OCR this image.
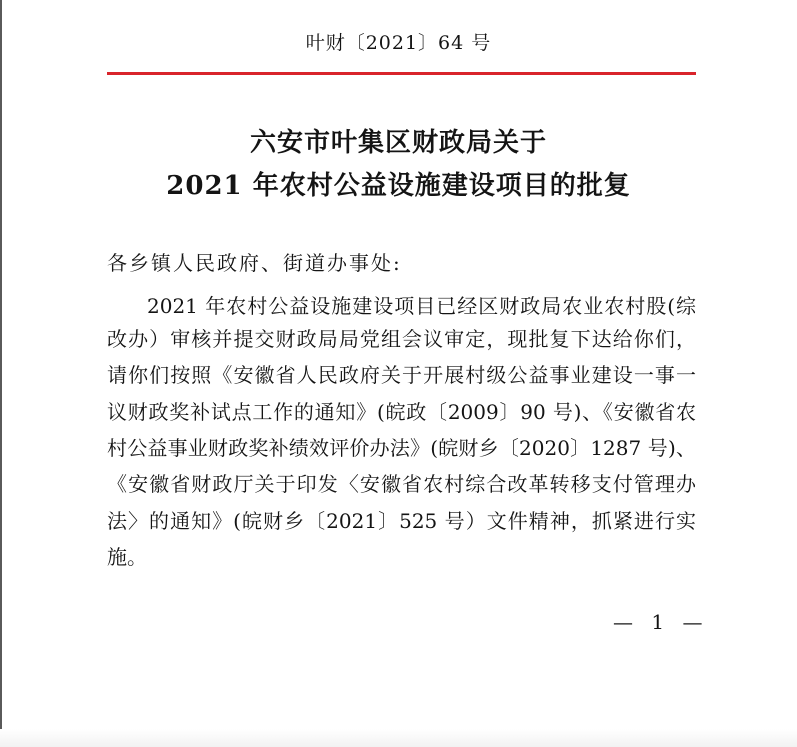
叶财〔2021〕64 号
六安市叶集区财政局关于
2021 年农村公益设施建设项目的批复
各乡镇人民政府、街道办事处:
2021 年农村公益设施建设项目已经区财政局农业农村股(综
改办）审核并提交财政局局党组会议审定，现批复下达给你们，
请你们按照《安徽省人民政府关于开展村级公益事业建设一事一
议财政奖补试点工作的通知》(皖政〔2009〕90 号)、《安徽省农
村公益事业财政奖补绩效评价办法》(皖财乡〔2020〕1287 号)、
《安徽省财政厅关于印发〈安徽省农村综合改革转移支付管理办
法〉的通知》(皖财乡〔2021〕525 号）文件精神，抓紧进行实
施。
— 1 —
